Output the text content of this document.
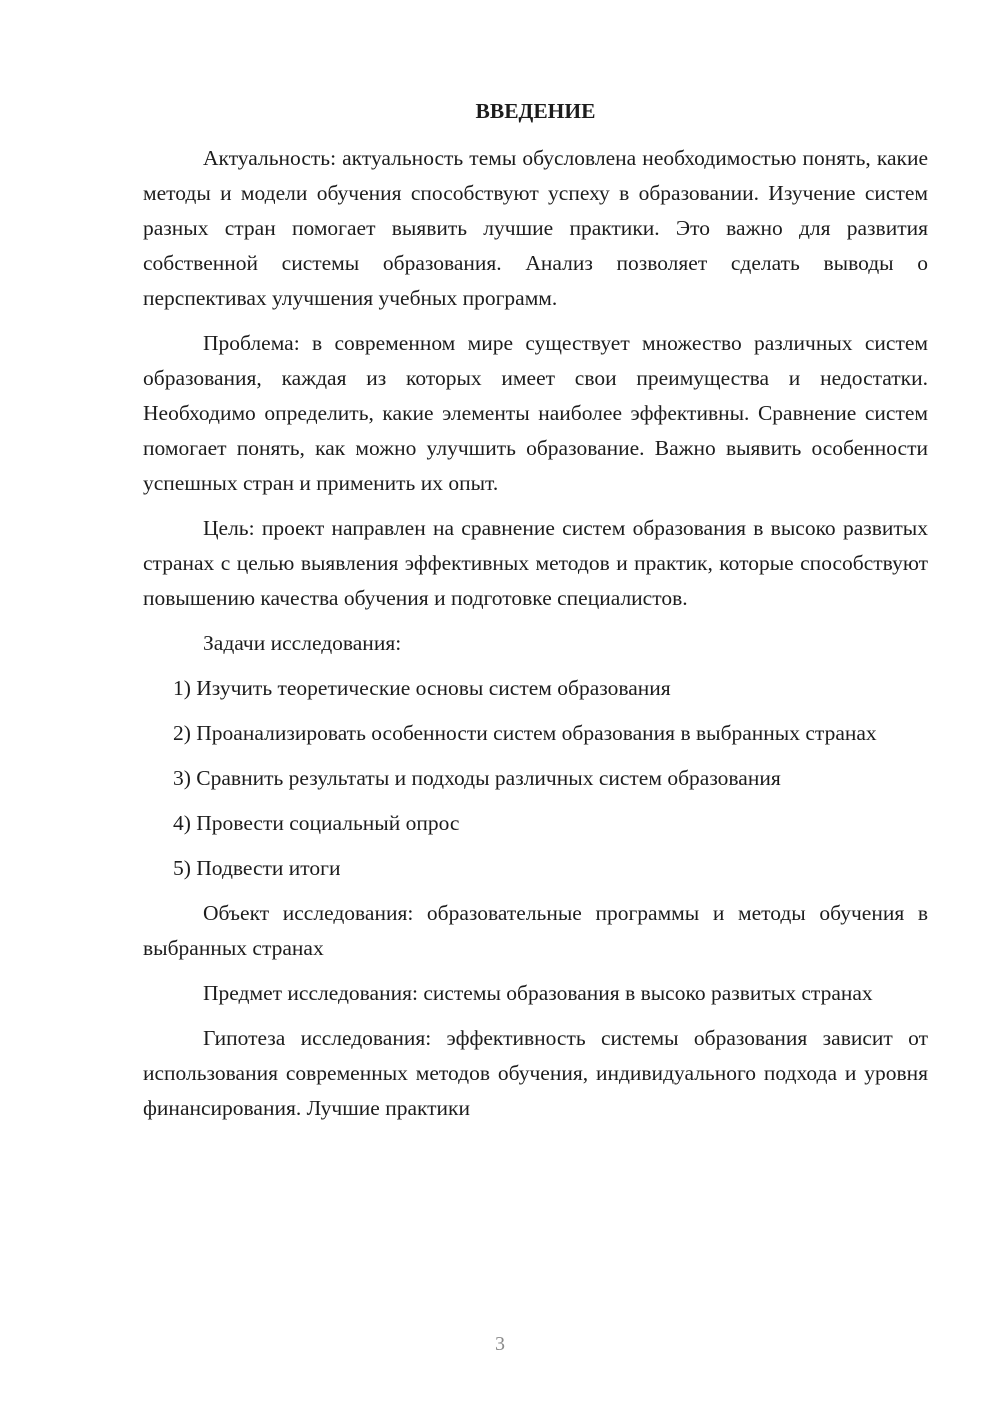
ВВЕДЕНИЕ

Актуальность: актуальность темы обусловлена необходимостью понять, какие методы и модели обучения способствуют успеху в образовании. Изучение систем разных стран помогает выявить лучшие практики. Это важно для развития собственной системы образования. Анализ позволяет сделать выводы о перспективах улучшения учебных программ.

Проблема: в современном мире существует множество различных систем образования, каждая из которых имеет свои преимущества и недостатки. Необходимо определить, какие элементы наиболее эффективны. Сравнение систем помогает понять, как можно улучшить образование. Важно выявить особенности успешных стран и применить их опыт.

Цель: проект направлен на сравнение систем образования в высоко развитых странах с целью выявления эффективных методов и практик, которые способствуют повышению качества обучения и подготовке специалистов.

Задачи исследования:

1) Изучить теоретические основы систем образования

2) Проанализировать особенности систем образования в выбранных странах

3) Сравнить результаты и подходы различных систем образования

4) Провести социальный опрос

5) Подвести итоги

Объект исследования: образовательные программы и методы обучения в выбранных странах

Предмет исследования: системы образования в высоко развитых странах

Гипотеза исследования: эффективность системы образования зависит от использования современных методов обучения, индивидуального подхода и уровня финансирования. Лучшие практики

3
